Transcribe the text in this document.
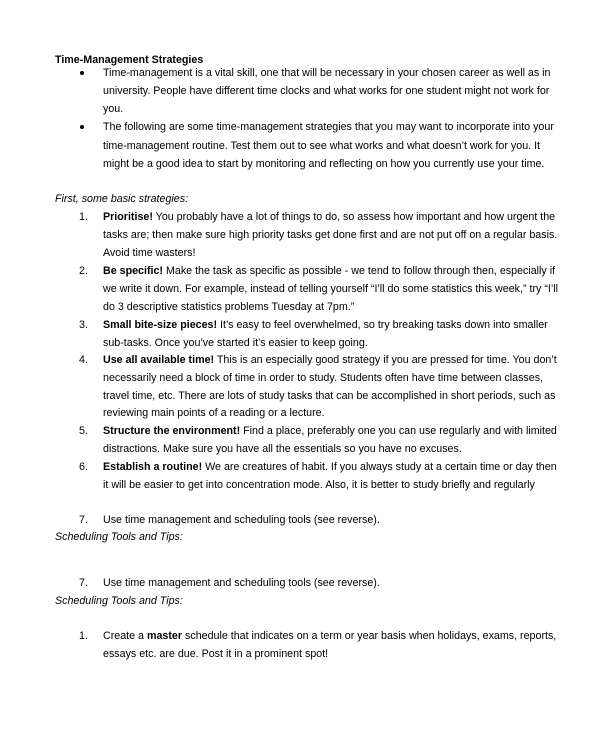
Time-Management Strategies
Time-management is a vital skill, one that will be necessary in your chosen career as well as in
university. People have different time clocks and what works for one student might not work for
you.
The following are some time-management strategies that you may want to incorporate into your
time-management routine. Test them out to see what works and what doesn’t work for you. It
might be a good idea to start by monitoring and reflecting on how you currently use your time.
First, some basic strategies:
1. Prioritise! You probably have a lot of things to do, so assess how important and how urgent the
tasks are; then make sure high priority tasks get done first and are not put off on a regular basis.
Avoid time wasters!
2. Be specific! Make the task as specific as possible - we tend to follow through then, especially if
we write it down. For example, instead of telling yourself “I’ll do some statistics this week,” try “I’ll
do 3 descriptive statistics problems Tuesday at 7pm.”
3. Small bite-size pieces! It’s easy to feel overwhelmed, so try breaking tasks down into smaller
sub-tasks. Once you’ve started it’s easier to keep going.
4. Use all available time! This is an especially good strategy if you are pressed for time. You don’t
necessarily need a block of time in order to study. Students often have time between classes,
travel time, etc. There are lots of study tasks that can be accomplished in short periods, such as
reviewing main points of a reading or a lecture.
5. Structure the environment! Find a place, preferably one you can use regularly and with limited
distractions. Make sure you have all the essentials so you have no excuses.
6. Establish a routine! We are creatures of habit. If you always study at a certain time or day then
it will be easier to get into concentration mode. Also, it is better to study briefly and regularly
7. Use time management and scheduling tools (see reverse).
Scheduling Tools and Tips:
7. Use time management and scheduling tools (see reverse).
Scheduling Tools and Tips:
1. Create a master schedule that indicates on a term or year basis when holidays, exams, reports,
essays etc. are due. Post it in a prominent spot!
